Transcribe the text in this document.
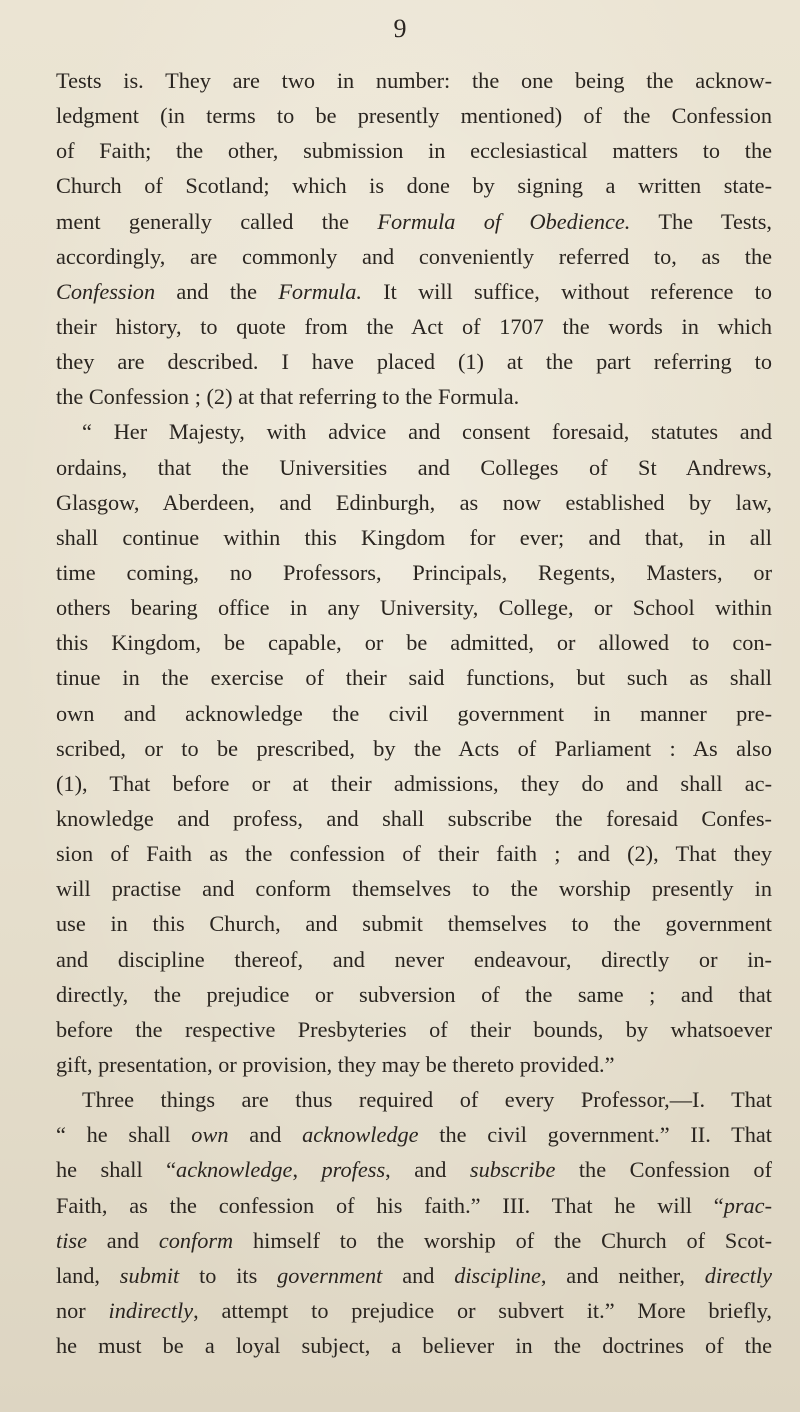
9
Tests is. They are two in number: the one being the acknow-
ledgment (in terms to be presently mentioned) of the Confession
of Faith; the other, submission in ecclesiastical matters to the
Church of Scotland; which is done by signing a written state-
ment generally called the Formula of Obedience. The Tests,
accordingly, are commonly and conveniently referred to, as the
Confession and the Formula. It will suffice, without reference to
their history, to quote from the Act of 1707 the words in which
they are described. I have placed (1) at the part referring to
the Confession ; (2) at that referring to the Formula.
“ Her Majesty, with advice and consent foresaid, statutes and
ordains, that the Universities and Colleges of St Andrews,
Glasgow, Aberdeen, and Edinburgh, as now established by law,
shall continue within this Kingdom for ever; and that, in all
time coming, no Professors, Principals, Regents, Masters, or
others bearing office in any University, College, or School within
this Kingdom, be capable, or be admitted, or allowed to con-
tinue in the exercise of their said functions, but such as shall
own and acknowledge the civil government in manner pre-
scribed, or to be prescribed, by the Acts of Parliament : As also
(1), That before or at their admissions, they do and shall ac-
knowledge and profess, and shall subscribe the foresaid Confes-
sion of Faith as the confession of their faith ; and (2), That they
will practise and conform themselves to the worship presently in
use in this Church, and submit themselves to the government
and discipline thereof, and never endeavour, directly or in-
directly, the prejudice or subversion of the same ; and that
before the respective Presbyteries of their bounds, by whatsoever
gift, presentation, or provision, they may be thereto provided.”
Three things are thus required of every Professor,—I. That
“ he shall own and acknowledge the civil government.” II. That
he shall “acknowledge, profess, and subscribe the Confession of
Faith, as the confession of his faith.” III. That he will “prac-
tise and conform himself to the worship of the Church of Scot-
land, submit to its government and discipline, and neither, directly
nor indirectly, attempt to prejudice or subvert it.” More briefly,
he must be a loyal subject, a believer in the doctrines of the
